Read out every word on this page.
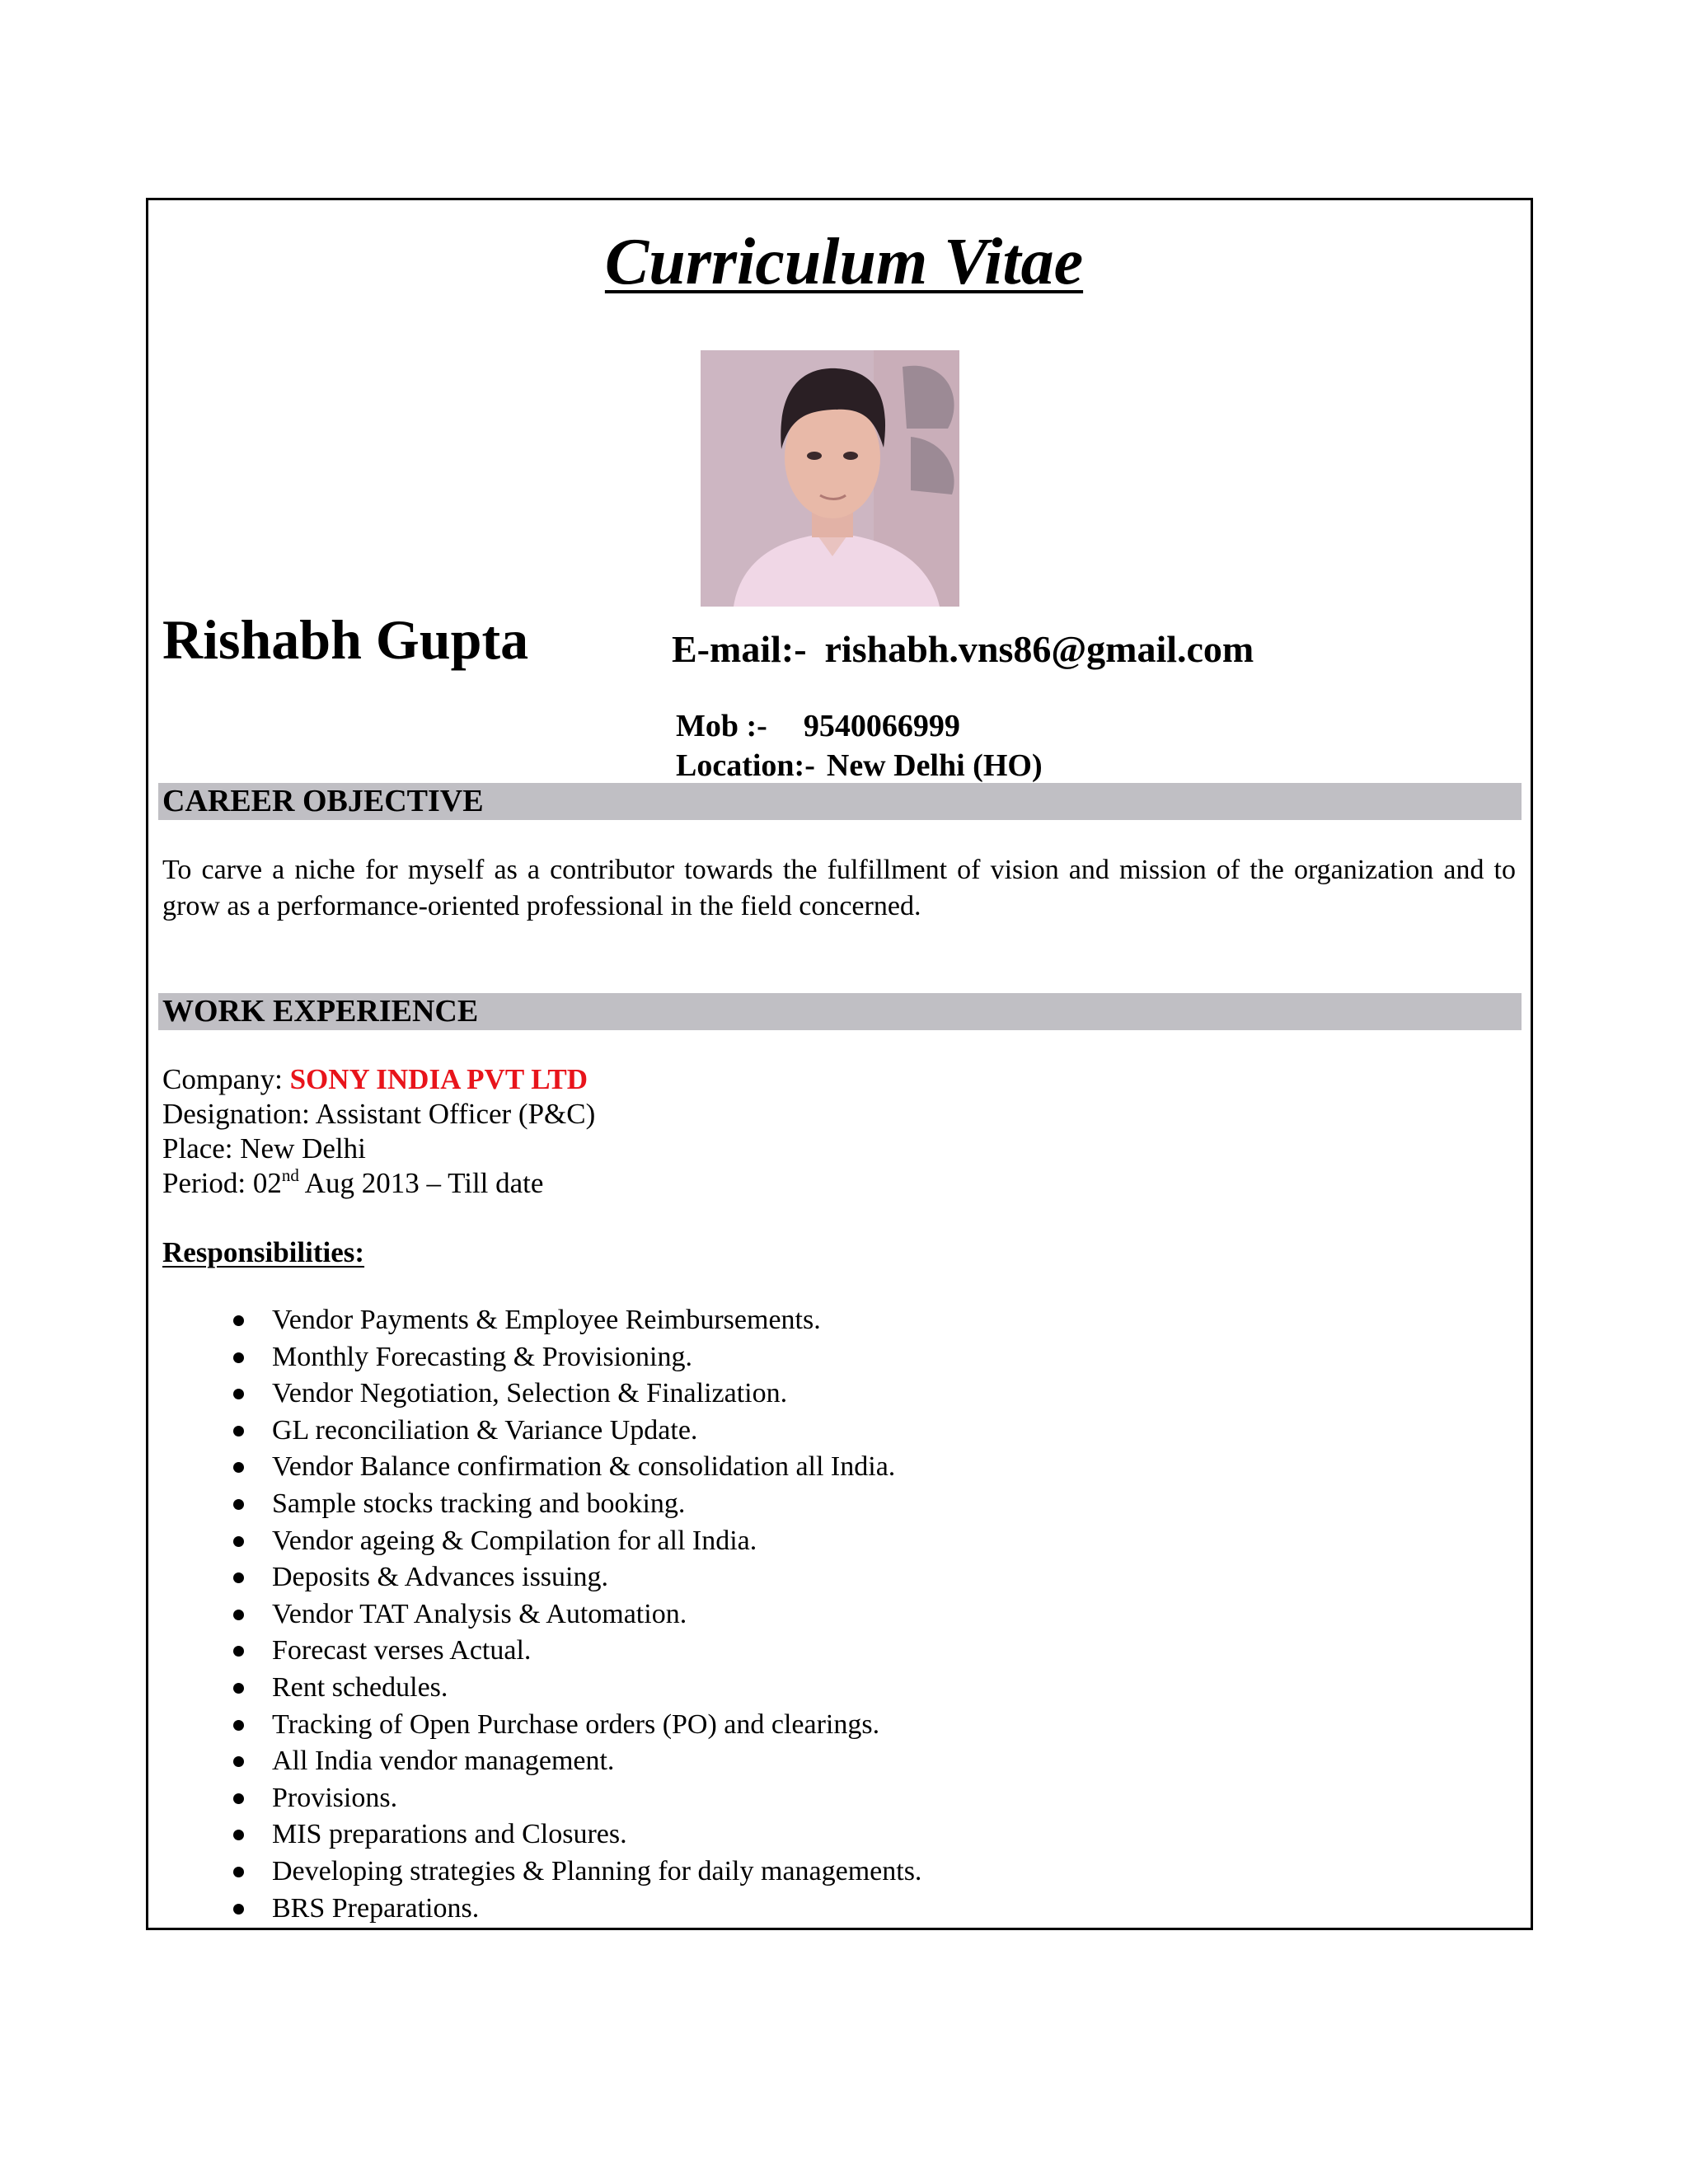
Curriculum Vitae
Rishabh Gupta	E-mail:- rishabh.vns86@gmail.com
Mob :- 9540066999
Location:- New Delhi (HO)
CAREER OBJECTIVE
To carve a niche for myself as a contributor towards the fulfillment of vision and mission of the organization and to grow as a performance-oriented professional in the field concerned.
WORK EXPERIENCE
Company: SONY INDIA PVT LTD
Designation: Assistant Officer (P&C)
Place: New Delhi
Period: 02nd Aug 2013 – Till date
Responsibilities:
Vendor Payments & Employee Reimbursements.
Monthly Forecasting & Provisioning.
Vendor Negotiation, Selection & Finalization.
GL reconciliation & Variance Update.
Vendor Balance confirmation & consolidation all India.
Sample stocks tracking and booking.
Vendor ageing & Compilation for all India.
Deposits & Advances issuing.
Vendor TAT Analysis & Automation.
Forecast verses Actual.
Rent schedules.
Tracking of Open Purchase orders (PO) and clearings.
All India vendor management.
Provisions.
MIS preparations and Closures.
Developing strategies & Planning for daily managements.
BRS Preparations.
